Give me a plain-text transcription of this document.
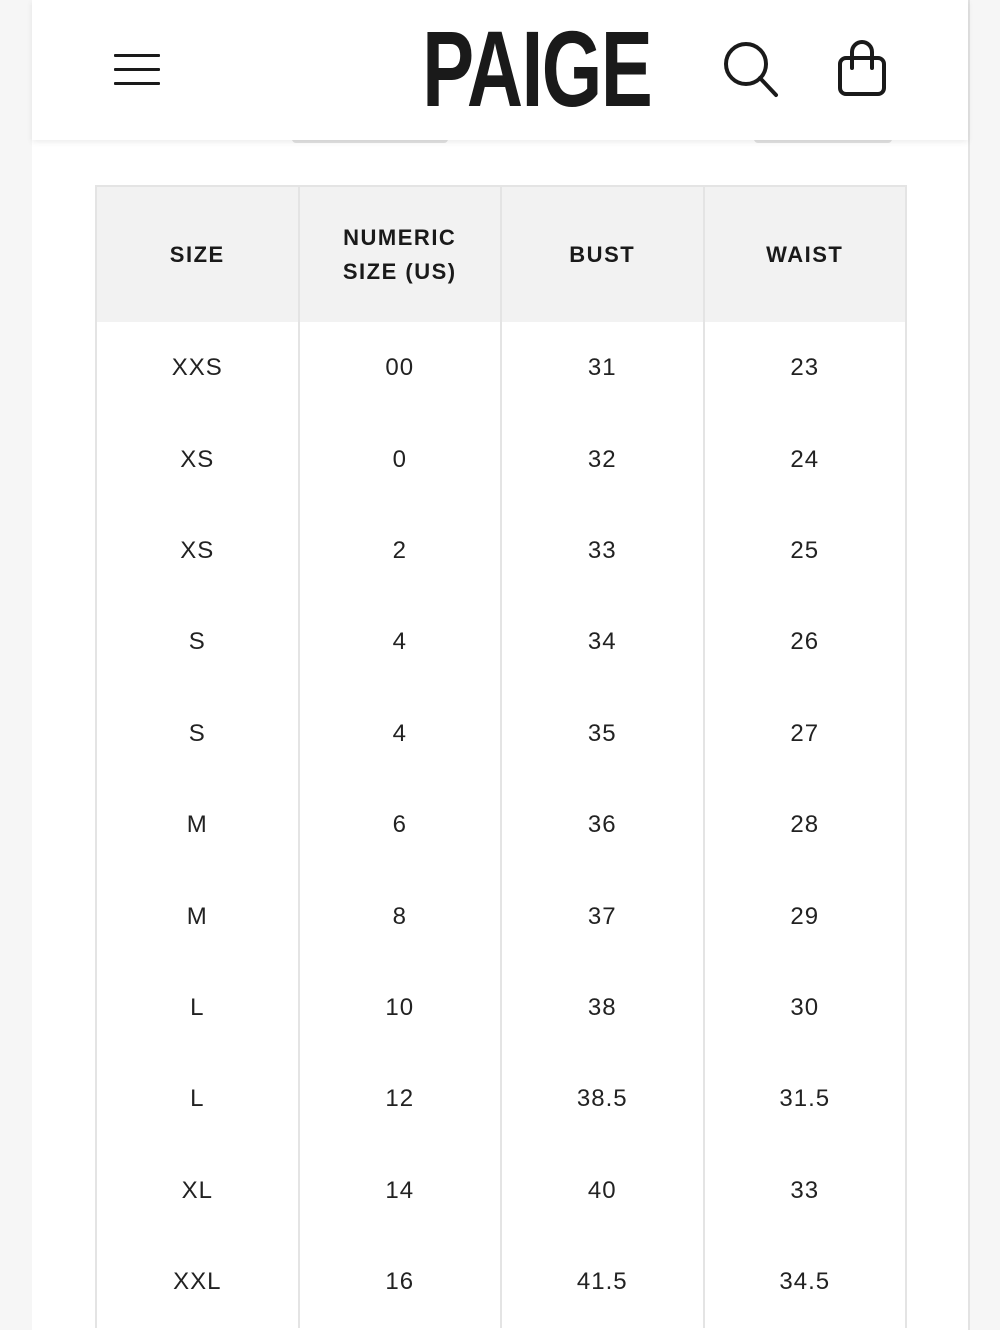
PAIGE
SIZE	NUMERIC SIZE (US)	BUST	WAIST
XXS	00	31	23
XS	0	32	24
XS	2	33	25
S	4	34	26
S	4	35	27
M	6	36	28
M	8	37	29
L	10	38	30
L	12	38.5	31.5
XL	14	40	33
XXL	16	41.5	34.5
